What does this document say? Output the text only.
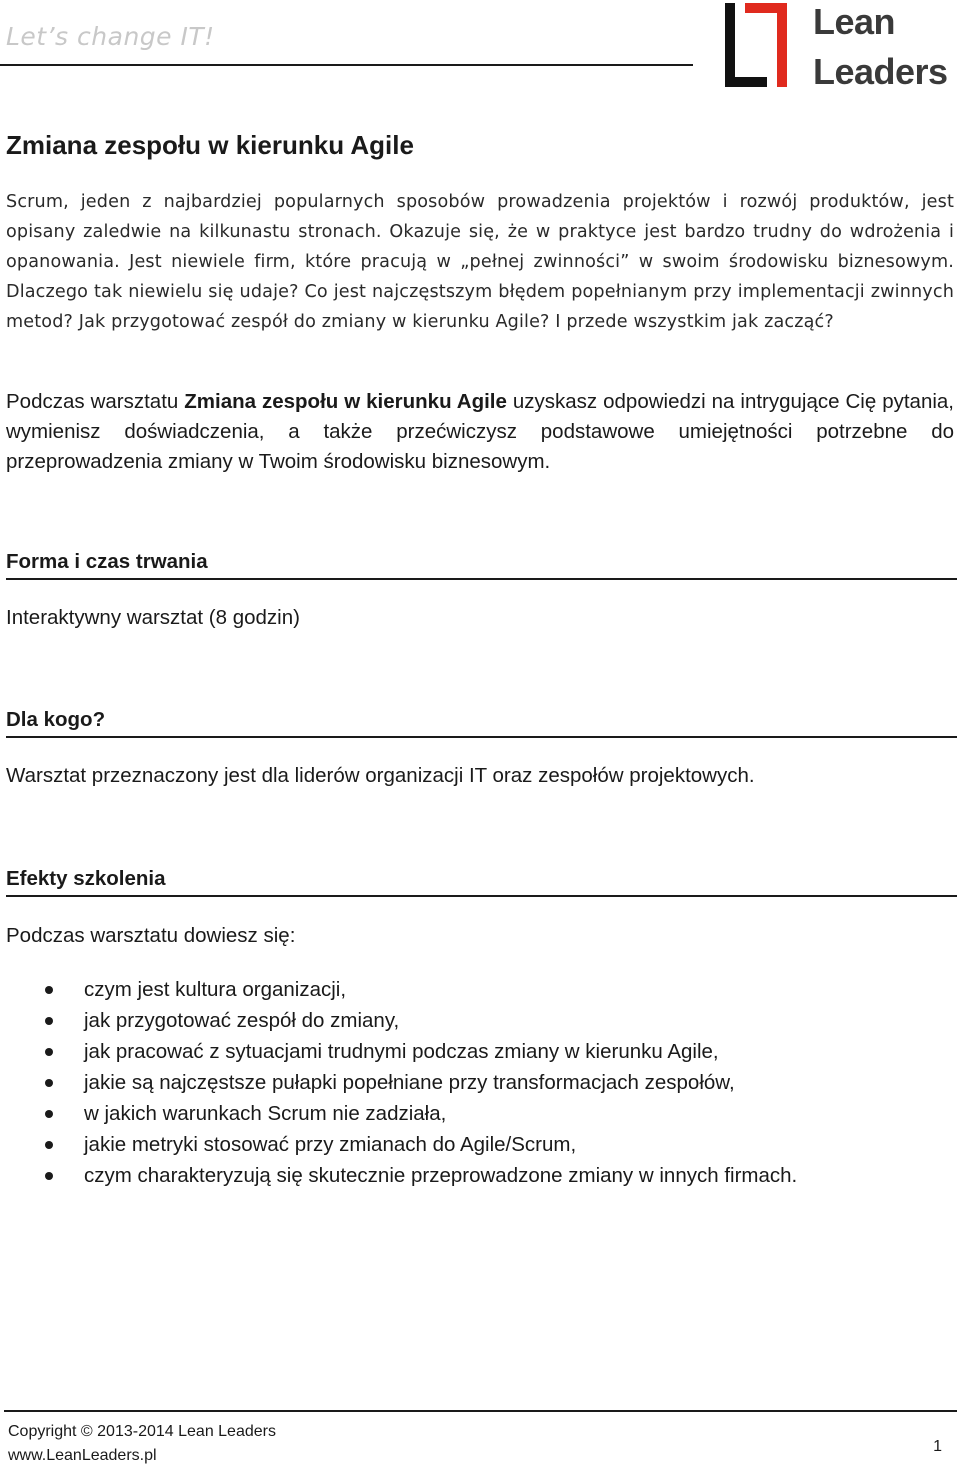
Let’s change IT!	Lean
Leaders
Zmiana zespołu w kierunku Agile

Scrum, jeden z najbardziej popularnych sposobów prowadzenia projektów i rozwój produktów, jest opisany zaledwie na kilkunastu stronach. Okazuje się, że w praktyce jest bardzo trudny do wdrożenia i opanowania. Jest niewiele firm, które pracują w „pełnej zwinności” w swoim środowisku biznesowym. Dlaczego tak niewielu się udaje? Co jest najczęstszym błędem popełnianym przy implementacji zwinnych metod? Jak przygotować zespół do zmiany w kierunku Agile? I przede wszystkim jak zacząć?

Podczas warsztatu Zmiana zespołu w kierunku Agile uzyskasz odpowiedzi na intrygujące Cię pytania, wymienisz doświadczenia, a także przećwiczysz podstawowe umiejętności potrzebne do przeprowadzenia zmiany w Twoim środowisku biznesowym.

Forma i czas trwania

Interaktywny warsztat (8 godzin)

Dla kogo?

Warsztat przeznaczony jest dla liderów organizacji IT oraz zespołów projektowych.

Efekty szkolenia

Podczas warsztatu dowiesz się:

czym jest kultura organizacji,
jak przygotować zespół do zmiany,
jak pracować z sytuacjami trudnymi podczas zmiany w kierunku Agile,
jakie są najczęstsze pułapki popełniane przy transformacjach zespołów,
w jakich warunkach Scrum nie zadziała,
jakie metryki stosować przy zmianach do Agile/Scrum,
czym charakteryzują się skutecznie przeprowadzone zmiany w innych firmach.
Copyright © 2013-2014 Lean Leaders
www.LeanLeaders.pl
1
